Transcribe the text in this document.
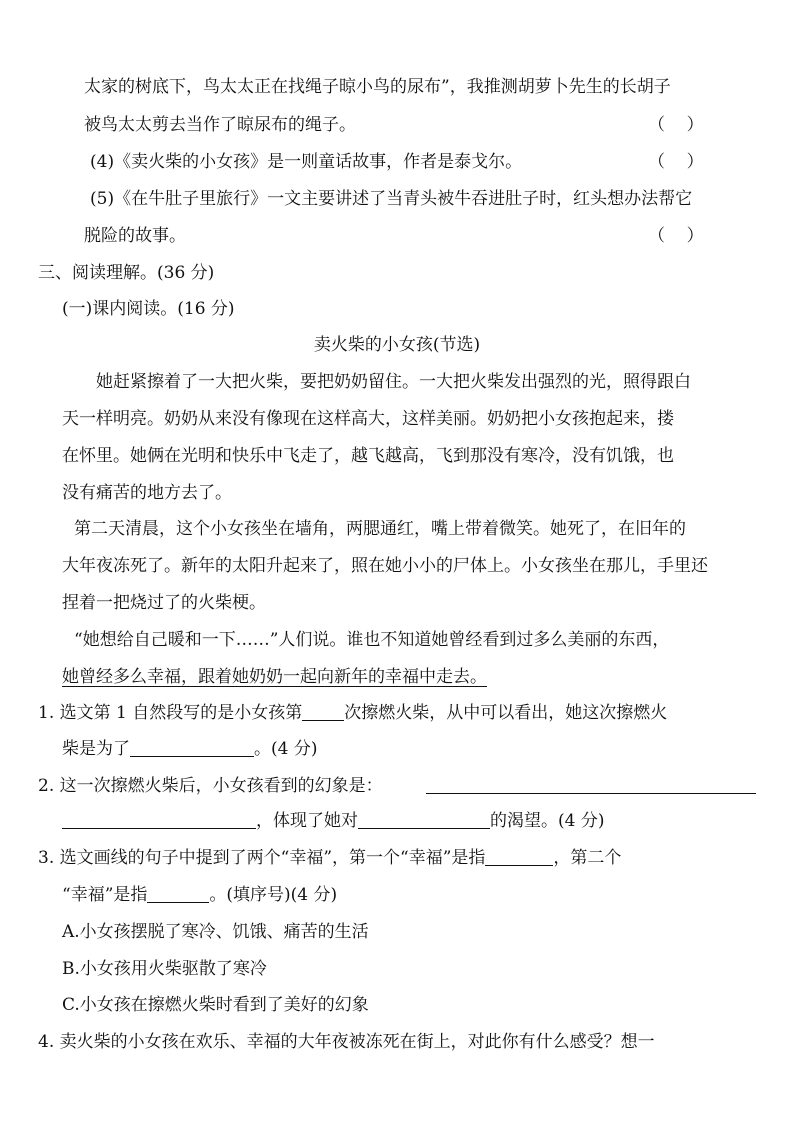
太家的树底下，鸟太太正在找绳子晾小鸟的尿布”，我推测胡萝卜先生的长胡子
被鸟太太剪去当作了晾尿布的绳子。	（    ）
(4)《卖火柴的小女孩》是一则童话故事，作者是泰戈尔。	（    ）
(5)《在牛肚子里旅行》一文主要讲述了当青头被牛吞进肚子时，红头想办法帮它
脱险的故事。	（    ）
三、阅读理解。(36 分)
(一)课内阅读。(16 分)
卖火柴的小女孩(节选)
她赶紧擦着了一大把火柴，要把奶奶留住。一大把火柴发出强烈的光，照得跟白
天一样明亮。奶奶从来没有像现在这样高大，这样美丽。奶奶把小女孩抱起来，搂
在怀里。她俩在光明和快乐中飞走了，越飞越高，飞到那没有寒冷，没有饥饿，也
没有痛苦的地方去了。
第二天清晨，这个小女孩坐在墙角，两腮通红，嘴上带着微笑。她死了，在旧年的
大年夜冻死了。新年的太阳升起来了，照在她小小的尸体上。小女孩坐在那儿，手里还
捏着一把烧过了的火柴梗。
“她想给自己暖和一下……”人们说。谁也不知道她曾经看到过多么美丽的东西，
她曾经多么幸福，跟着她奶奶一起向新年的幸福中走去。
1. 选文第 1 自然段写的是小女孩第 次擦燃火柴，从中可以看出，她这次擦燃火
柴是为了	。(4 分)
2. 这一次擦燃火柴后，小女孩看到的幻象是：
，体现了她对	的渴望。(4 分)
3. 选文画线的句子中提到了两个“幸福”，第一个“幸福”是指	，第二个
“幸福”是指	。(填序号)(4 分)
A.小女孩摆脱了寒冷、饥饿、痛苦的生活
B.小女孩用火柴驱散了寒冷
C.小女孩在擦燃火柴时看到了美好的幻象
4. 卖火柴的小女孩在欢乐、幸福的大年夜被冻死在街上，对此你有什么感受？想一
